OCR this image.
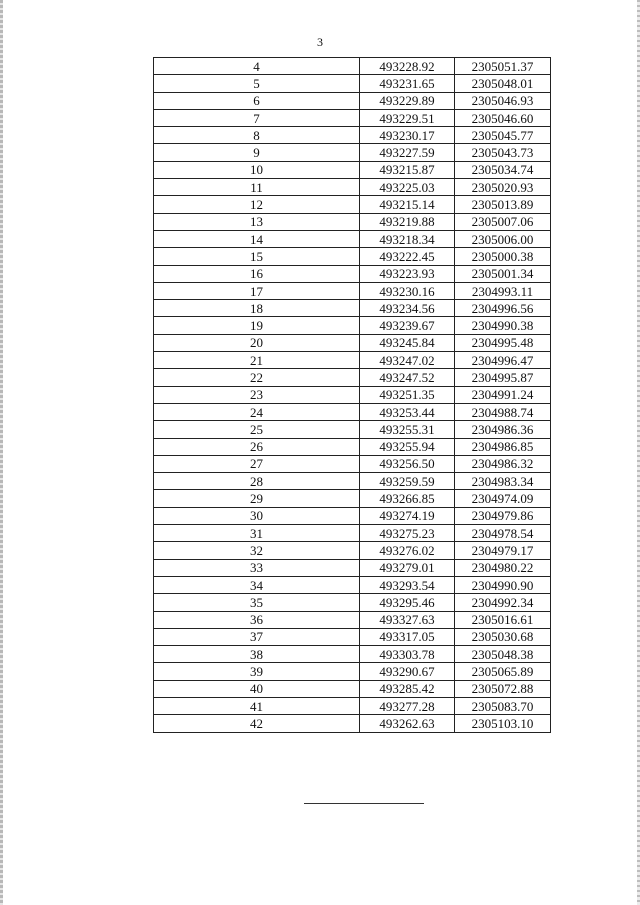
3
4	493228.92	2305051.37
5	493231.65	2305048.01
6	493229.89	2305046.93
7	493229.51	2305046.60
8	493230.17	2305045.77
9	493227.59	2305043.73
10	493215.87	2305034.74
11	493225.03	2305020.93
12	493215.14	2305013.89
13	493219.88	2305007.06
14	493218.34	2305006.00
15	493222.45	2305000.38
16	493223.93	2305001.34
17	493230.16	2304993.11
18	493234.56	2304996.56
19	493239.67	2304990.38
20	493245.84	2304995.48
21	493247.02	2304996.47
22	493247.52	2304995.87
23	493251.35	2304991.24
24	493253.44	2304988.74
25	493255.31	2304986.36
26	493255.94	2304986.85
27	493256.50	2304986.32
28	493259.59	2304983.34
29	493266.85	2304974.09
30	493274.19	2304979.86
31	493275.23	2304978.54
32	493276.02	2304979.17
33	493279.01	2304980.22
34	493293.54	2304990.90
35	493295.46	2304992.34
36	493327.63	2305016.61
37	493317.05	2305030.68
38	493303.78	2305048.38
39	493290.67	2305065.89
40	493285.42	2305072.88
41	493277.28	2305083.70
42	493262.63	2305103.10
